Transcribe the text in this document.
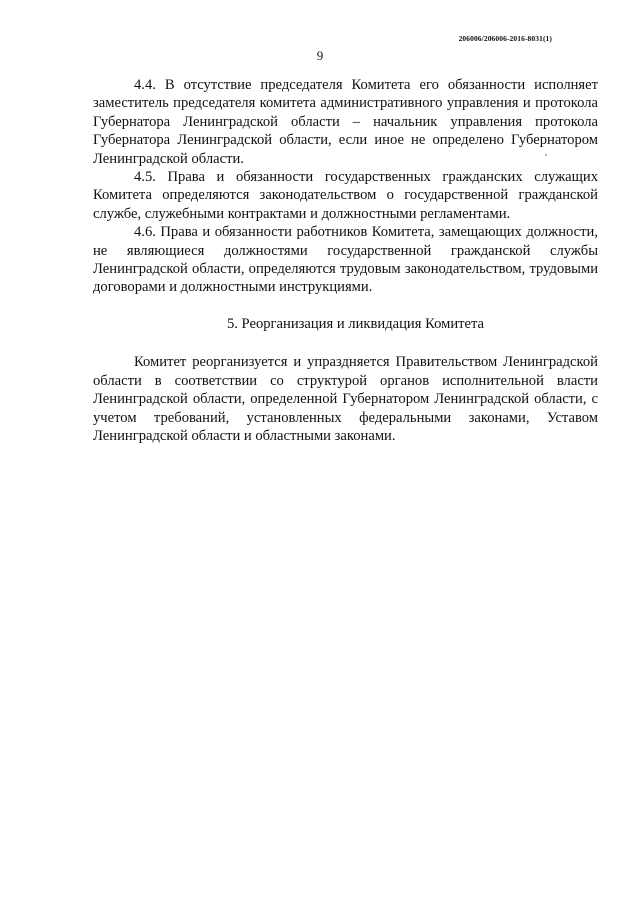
206006/206006-2016-8031(1)
9

4.4. В отсутствие председателя Комитета его обязанности исполняет заместитель председателя комитета административного управления и протокола Губернатора Ленинградской области – начальник управления протокола Губернатора Ленинградской области, если иное не определено Губернатором Ленинградской области.

4.5. Права и обязанности государственных гражданских служащих Комитета определяются законодательством о государственной гражданской службе, служебными контрактами и должностными регламентами.

4.6. Права и обязанности работников Комитета, замещающих должности, не являющиеся должностями государственной гражданской службы Ленинградской области, определяются трудовым законодательством, трудовыми договорами и должностными инструкциями.

5. Реорганизация и ликвидация Комитета

Комитет реорганизуется и упраздняется Правительством Ленинградской области в соответствии со структурой органов исполнительной власти Ленинградской области, определенной Губернатором Ленинградской области, с учетом требований, установленных федеральными законами, Уставом Ленинградской области и областными законами.
